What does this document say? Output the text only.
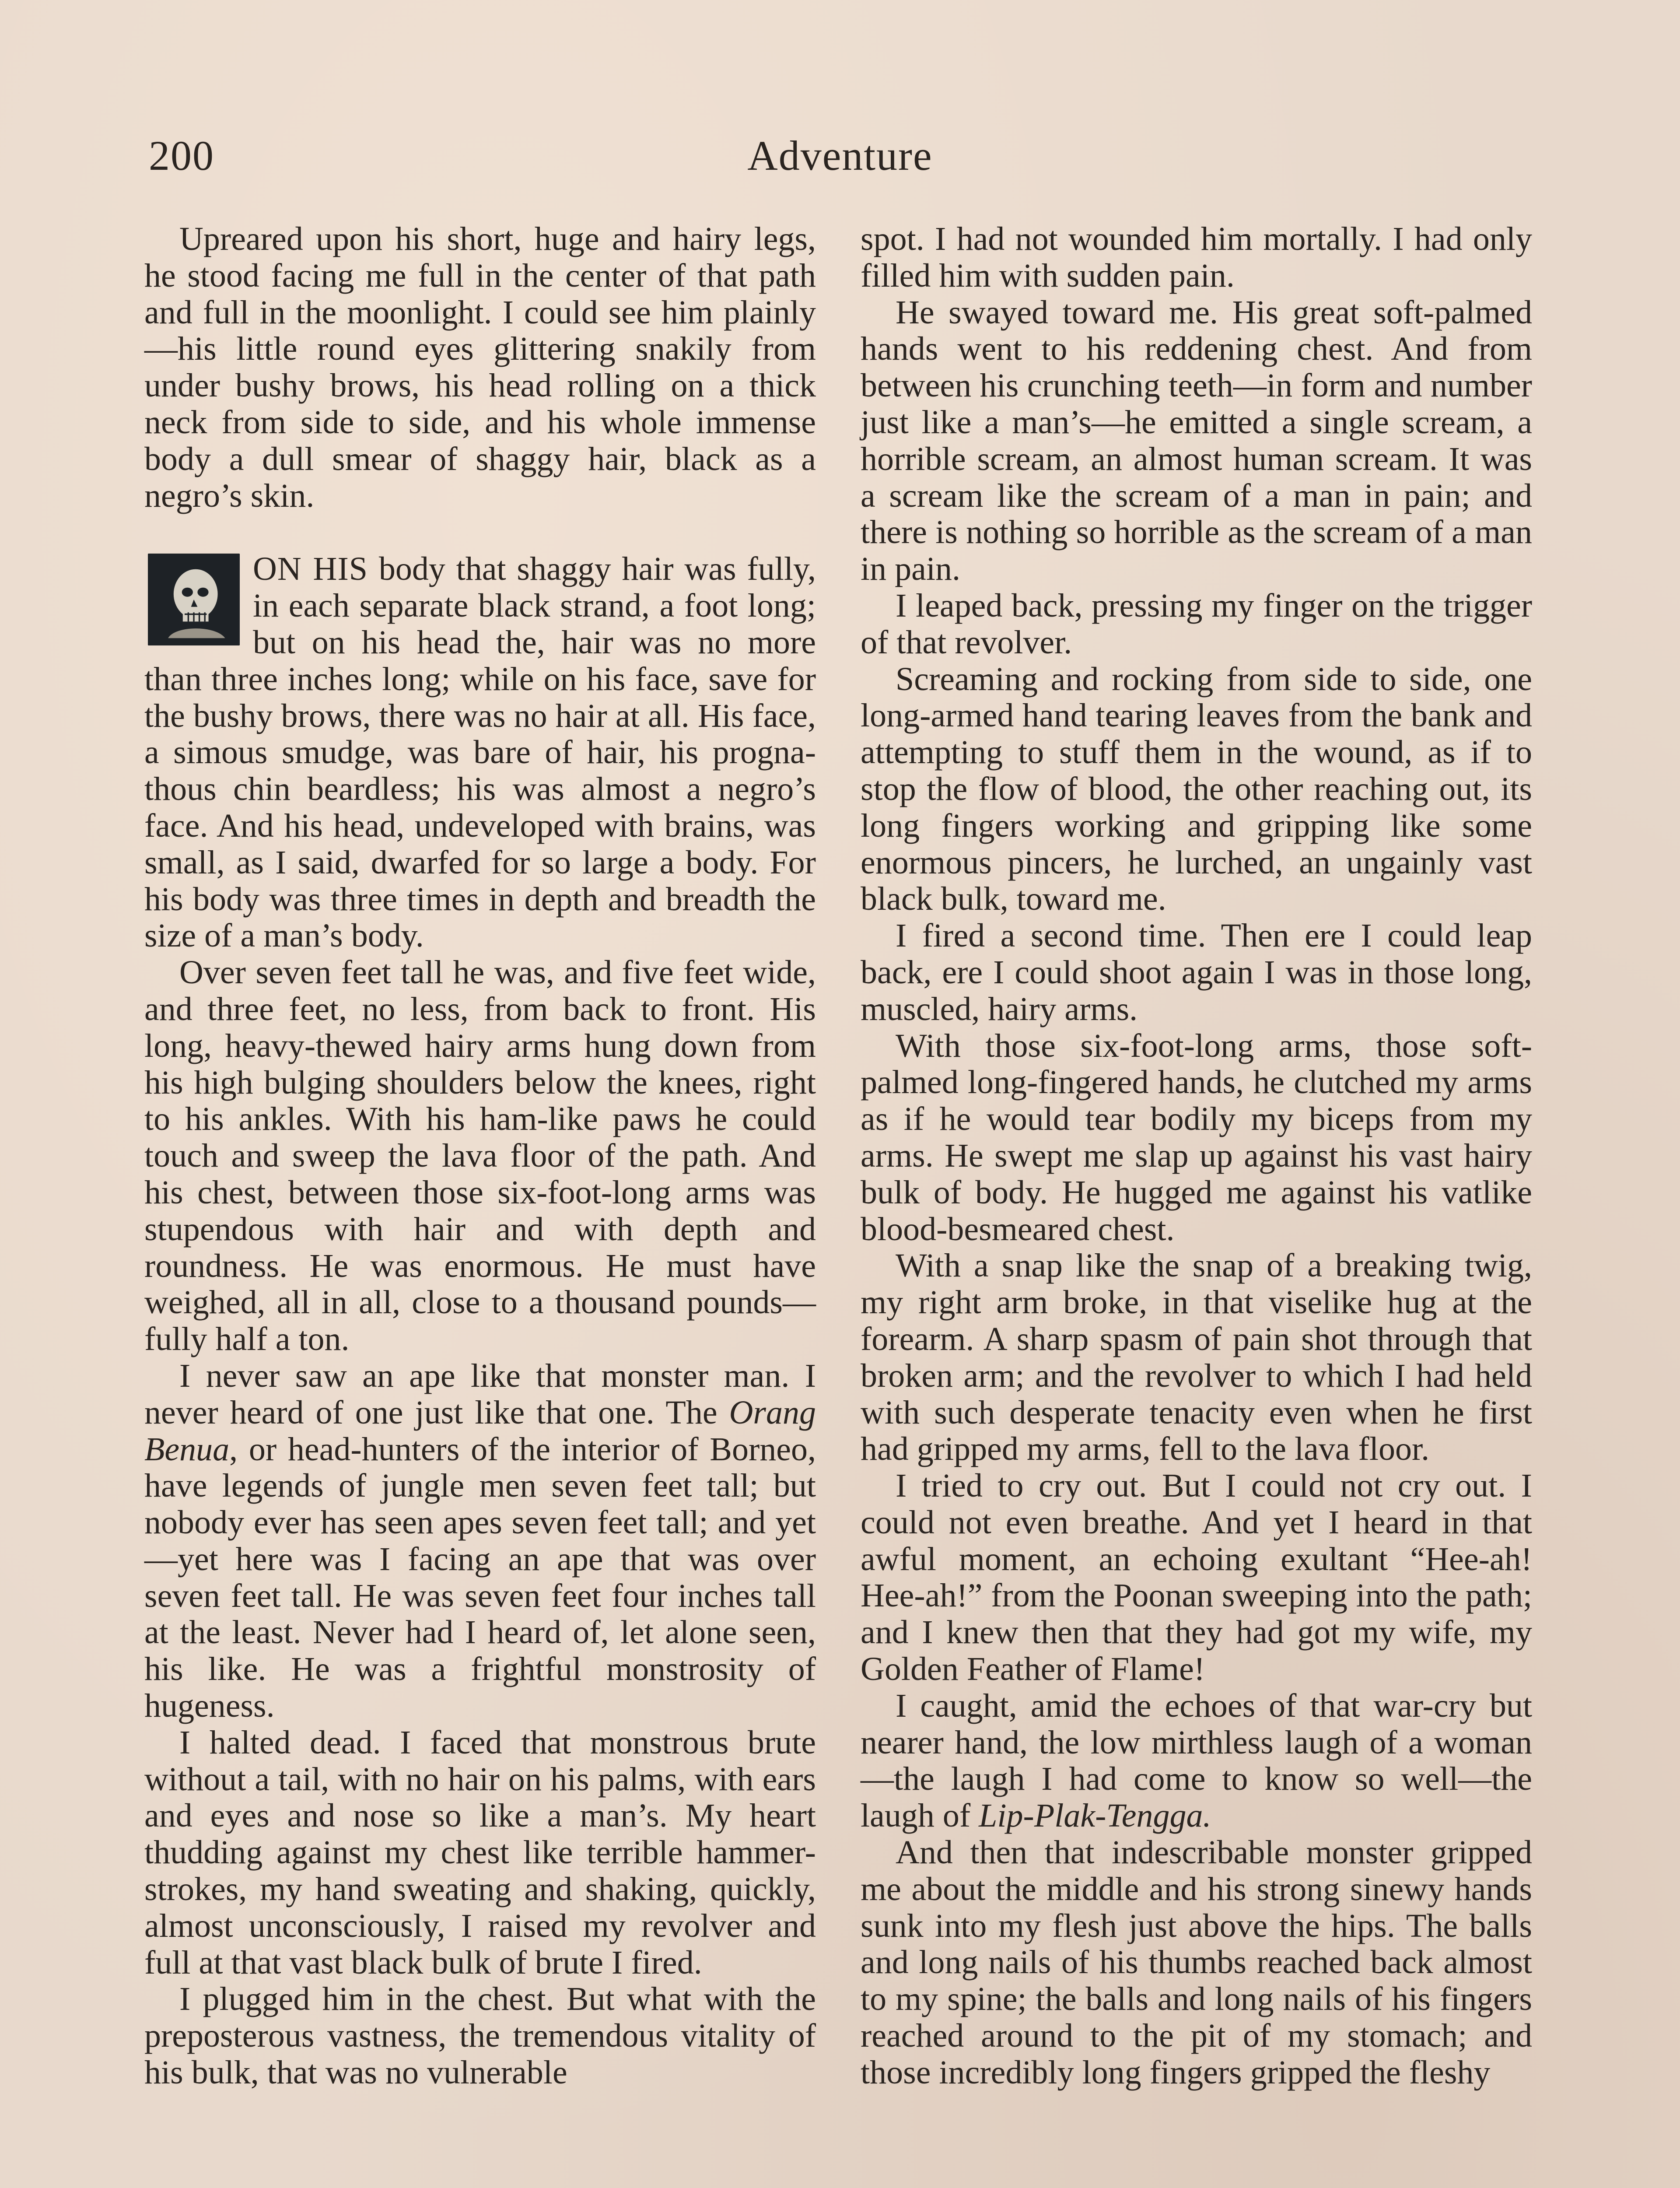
200	Adventure

Upreared upon his short, huge and hairy legs, he stood facing me full in the center of that path and full in the moonlight. I could see him plainly—his little round eyes glittering snakily from under bushy brows, his head rolling on a thick neck from side to side, and his whole immense body a dull smear of shaggy hair, black as a negro’s skin.

ON HIS body that shaggy hair was fully, in each separate black strand, a foot long; but on his head the, hair was no more than three inches long; while on his face, save for the bushy brows, there was no hair at all. His face, a simous smudge, was bare of hair, his prognathous chin beardless; his was almost a negro’s face. And his head, undeveloped with brains, was small, as I said, dwarfed for so large a body. For his body was three times in depth and breadth the size of a man’s body.

Over seven feet tall he was, and five feet wide, and three feet, no less, from back to front. His long, heavy-thewed hairy arms hung down from his high bulging shoulders below the knees, right to his ankles. With his ham-like paws he could touch and sweep the lava floor of the path. And his chest, between those six-foot-long arms was stupendous with hair and with depth and roundness. He was enormous. He must have weighed, all in all, close to a thousand pounds—fully half a ton.

I never saw an ape like that monster man. I never heard of one just like that one. The Orang Benua, or head-hunters of the interior of Borneo, have legends of jungle men seven feet tall; but nobody ever has seen apes seven feet tall; and yet—yet here was I facing an ape that was over seven feet tall. He was seven feet four inches tall at the least. Never had I heard of, let alone seen, his like. He was a frightful monstrosity of hugeness.

I halted dead. I faced that monstrous brute without a tail, with no hair on his palms, with ears and eyes and nose so like a man’s. My heart thudding against my chest like terrible hammer-strokes, my hand sweating and shaking, quickly, almost unconsciously, I raised my revolver and full at that vast black bulk of brute I fired.

I plugged him in the chest. But what with the preposterous vastness, the tremendous vitality of his bulk, that was no vulnerable

spot. I had not wounded him mortally. I had only filled him with sudden pain.

He swayed toward me. His great soft-palmed hands went to his reddening chest. And from between his crunching teeth—in form and number just like a man’s—he emitted a single scream, a horrible scream, an almost human scream. It was a scream like the scream of a man in pain; and there is nothing so horrible as the scream of a man in pain.

I leaped back, pressing my finger on the trigger of that revolver.

Screaming and rocking from side to side, one long-armed hand tearing leaves from the bank and attempting to stuff them in the wound, as if to stop the flow of blood, the other reaching out, its long fingers working and gripping like some enormous pincers, he lurched, an ungainly vast black bulk, toward me.

I fired a second time. Then ere I could leap back, ere I could shoot again I was in those long, muscled, hairy arms.

With those six-foot-long arms, those soft-palmed long-fingered hands, he clutched my arms as if he would tear bodily my biceps from my arms. He swept me slap up against his vast hairy bulk of body. He hugged me against his vatlike blood-besmeared chest.

With a snap like the snap of a breaking twig, my right arm broke, in that viselike hug at the forearm. A sharp spasm of pain shot through that broken arm; and the revolver to which I had held with such desperate tenacity even when he first had gripped my arms, fell to the lava floor.

I tried to cry out. But I could not cry out. I could not even breathe. And yet I heard in that awful moment, an echoing exultant “Hee-ah! Hee-ah!” from the Poonan sweeping into the path; and I knew then that they had got my wife, my Golden Feather of Flame!

I caught, amid the echoes of that war-cry but nearer hand, the low mirthless laugh of a woman—the laugh I had come to know so well—the laugh of Lip-Plak-Tengga.

And then that indescribable monster gripped me about the middle and his strong sinewy hands sunk into my flesh just above the hips. The balls and long nails of his thumbs reached back almost to my spine; the balls and long nails of his fingers reached around to the pit of my stomach; and those incredibly long fingers gripped the fleshy
